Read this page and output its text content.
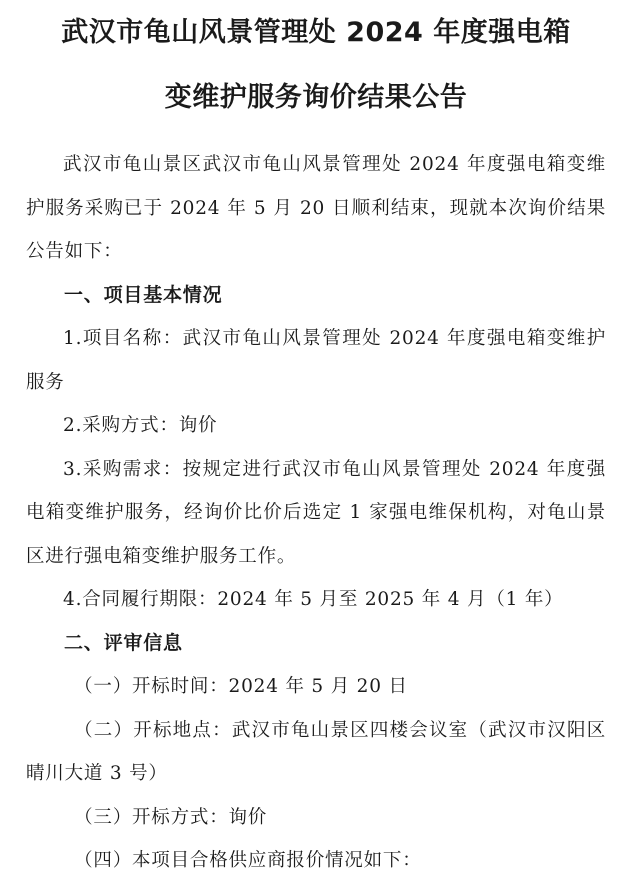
武汉市龟山风景管理处 2024 年度强电箱
变维护服务询价结果公告

武汉市龟山景区武汉市龟山风景管理处 2024 年度强电箱变维护服务采购已于 2024 年 5 月 20 日顺利结束，现就本次询价结果公告如下：

一、项目基本情况

1.项目名称：武汉市龟山风景管理处 2024 年度强电箱变维护服务

2.采购方式：询价

3.采购需求：按规定进行武汉市龟山风景管理处 2024 年度强电箱变维护服务，经询价比价后选定 1 家强电维保机构，对龟山景区进行强电箱变维护服务工作。

4.合同履行期限：2024 年 5 月至 2025 年 4 月（1 年）

二、评审信息

（一）开标时间：2024 年 5 月 20 日

（二）开标地点：武汉市龟山景区四楼会议室（武汉市汉阳区晴川大道 3 号）

（三）开标方式：询价

（四）本项目合格供应商报价情况如下：
